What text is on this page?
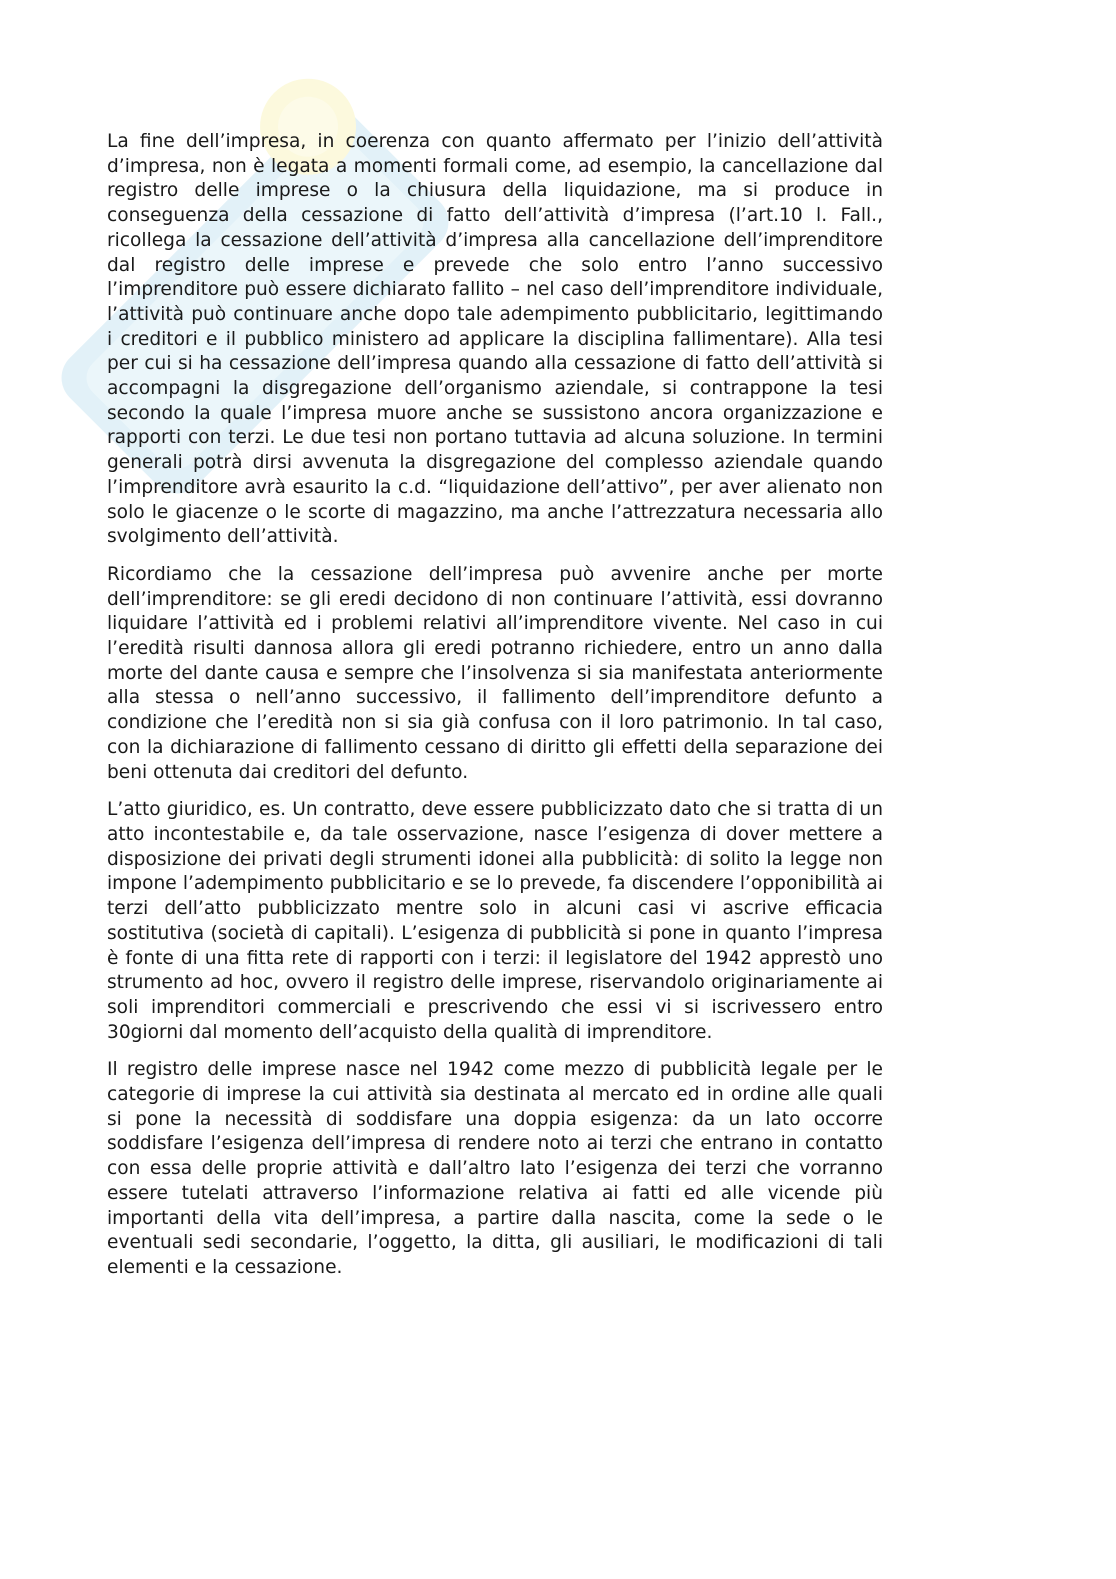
La fine dell’impresa, in coerenza con quanto affermato per l’inizio dell’attività d’impresa, non è legata a momenti formali come, ad esempio, la cancellazione dal registro delle imprese o la chiusura della liquidazione, ma si produce in conseguenza della cessazione di fatto dell’attività d’impresa (l’art.10 l. Fall., ricollega la cessazione dell’attività d’impresa alla cancellazione dell’imprenditore dal registro delle imprese e prevede che solo entro l’anno successivo l’imprenditore può essere dichiarato fallito – nel caso dell’imprenditore individuale, l’attività può continuare anche dopo tale adempimento pubblicitario, legittimando i creditori e il pubblico ministero ad applicare la disciplina fallimentare). Alla tesi per cui si ha cessazione dell’impresa quando alla cessazione di fatto dell’attività si accompagni la disgregazione dell’organismo aziendale, si contrappone la tesi secondo la quale l’impresa muore anche se sussistono ancora organizzazione e rapporti con terzi. Le due tesi non portano tuttavia ad alcuna soluzione. In termini generali potrà dirsi avvenuta la disgregazione del complesso aziendale quando l’imprenditore avrà esaurito la c.d. “liquidazione dell’attivo”, per aver alienato non solo le giacenze o le scorte di magazzino, ma anche l’attrezzatura necessaria allo svolgimento dell’attività.

Ricordiamo che la cessazione dell’impresa può avvenire anche per morte dell’imprenditore: se gli eredi decidono di non continuare l’attività, essi dovranno liquidare l’attività ed i problemi relativi all’imprenditore vivente. Nel caso in cui l’eredità risulti dannosa allora gli eredi potranno richiedere, entro un anno dalla morte del dante causa e sempre che l’insolvenza si sia manifestata anteriormente alla stessa o nell’anno successivo, il fallimento dell’imprenditore defunto a condizione che l’eredità non si sia già confusa con il loro patrimonio. In tal caso, con la dichiarazione di fallimento cessano di diritto gli effetti della separazione dei beni ottenuta dai creditori del defunto.

L’atto giuridico, es. Un contratto, deve essere pubblicizzato dato che si tratta di un atto incontestabile e, da tale osservazione, nasce l’esigenza di dover mettere a disposizione dei privati degli strumenti idonei alla pubblicità: di solito la legge non impone l’adempimento pubblicitario e se lo prevede, fa discendere l’opponibilità ai terzi dell’atto pubblicizzato mentre solo in alcuni casi vi ascrive efficacia sostitutiva (società di capitali). L’esigenza di pubblicità si pone in quanto l’impresa è fonte di una fitta rete di rapporti con i terzi: il legislatore del 1942 apprestò uno strumento ad hoc, ovvero il registro delle imprese, riservandolo originariamente ai soli imprenditori commerciali e prescrivendo che essi vi si iscrivessero entro 30giorni dal momento dell’acquisto della qualità di imprenditore.

Il registro delle imprese nasce nel 1942 come mezzo di pubblicità legale per le categorie di imprese la cui attività sia destinata al mercato ed in ordine alle quali si pone la necessità di soddisfare una doppia esigenza: da un lato occorre soddisfare l’esigenza dell’impresa di rendere noto ai terzi che entrano in contatto con essa delle proprie attività e dall’altro lato l’esigenza dei terzi che vorranno essere tutelati attraverso l’informazione relativa ai fatti ed alle vicende più importanti della vita dell’impresa, a partire dalla nascita, come la sede o le eventuali sedi secondarie, l’oggetto, la ditta, gli ausiliari, le modificazioni di tali elementi e la cessazione.
